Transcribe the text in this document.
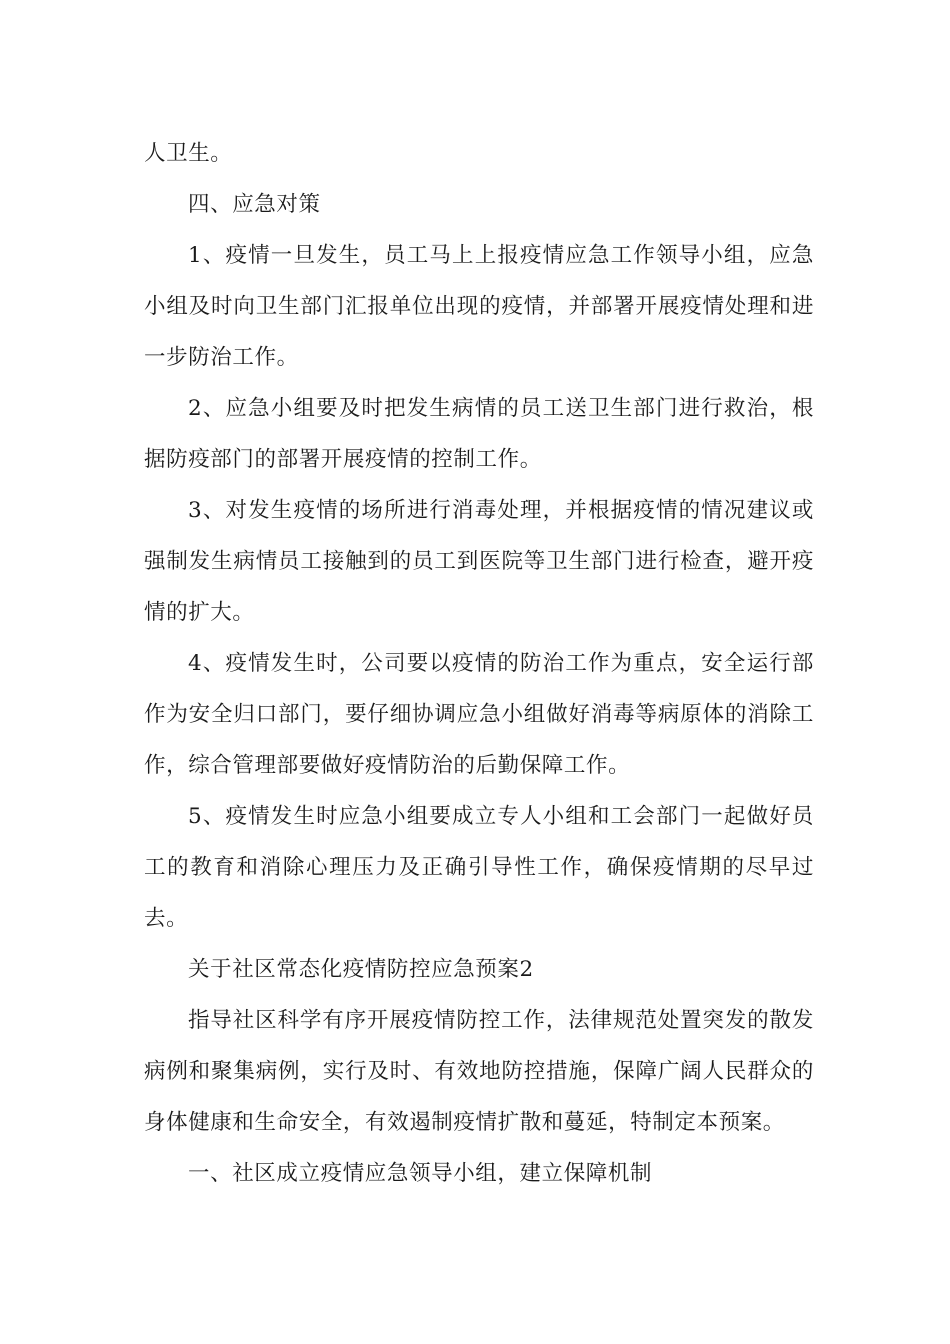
人卫生。

四、应急对策

1、疫情一旦发生，员工马上上报疫情应急工作领导小组，应急小组及时向卫生部门汇报单位出现的疫情，并部署开展疫情处理和进一步防治工作。

2、应急小组要及时把发生病情的员工送卫生部门进行救治，根据防疫部门的部署开展疫情的控制工作。

3、对发生疫情的场所进行消毒处理，并根据疫情的情况建议或强制发生病情员工接触到的员工到医院等卫生部门进行检查，避开疫情的扩大。

4、疫情发生时，公司要以疫情的防治工作为重点，安全运行部作为安全归口部门，要仔细协调应急小组做好消毒等病原体的消除工作，综合管理部要做好疫情防治的后勤保障工作。

5、疫情发生时应急小组要成立专人小组和工会部门一起做好员工的教育和消除心理压力及正确引导性工作，确保疫情期的尽早过去。

关于社区常态化疫情防控应急预案2

指导社区科学有序开展疫情防控工作，法律规范处置突发的散发病例和聚集病例，实行及时、有效地防控措施，保障广阔人民群众的身体健康和生命安全，有效遏制疫情扩散和蔓延，特制定本预案。

一、社区成立疫情应急领导小组，建立保障机制
